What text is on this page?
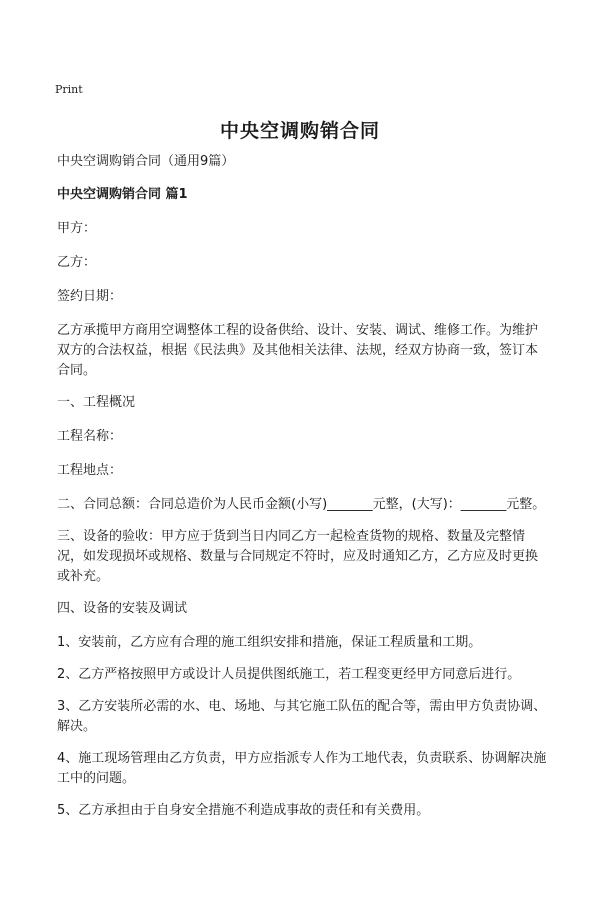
Print
中央空调购销合同

中央空调购销合同（通用9篇）

中央空调购销合同 篇1

甲方：

乙方：

签约日期：

乙方承揽甲方商用空调整体工程的设备供给、设计、安装、调试、维修工作。为维护双方的合法权益，根据《民法典》及其他相关法律、法规，经双方协商一致，签订本合同。

一、工程概况

工程名称：

工程地点：

二、合同总额：合同总造价为人民币金额(小写)_______元整，(大写)：_______元整。

三、设备的验收：甲方应于货到当日内同乙方一起检查货物的规格、数量及完整情况，如发现损坏或规格、数量与合同规定不符时，应及时通知乙方，乙方应及时更换或补充。

四、设备的安装及调试

1、安装前，乙方应有合理的施工组织安排和措施，保证工程质量和工期。

2、乙方严格按照甲方或设计人员提供图纸施工，若工程变更经甲方同意后进行。

3、乙方安装所必需的水、电、场地、与其它施工队伍的配合等，需由甲方负责协调、解决。

4、施工现场管理由乙方负责，甲方应指派专人作为工地代表，负责联系、协调解决施工中的问题。

5、乙方承担由于自身安全措施不利造成事故的责任和有关费用。
